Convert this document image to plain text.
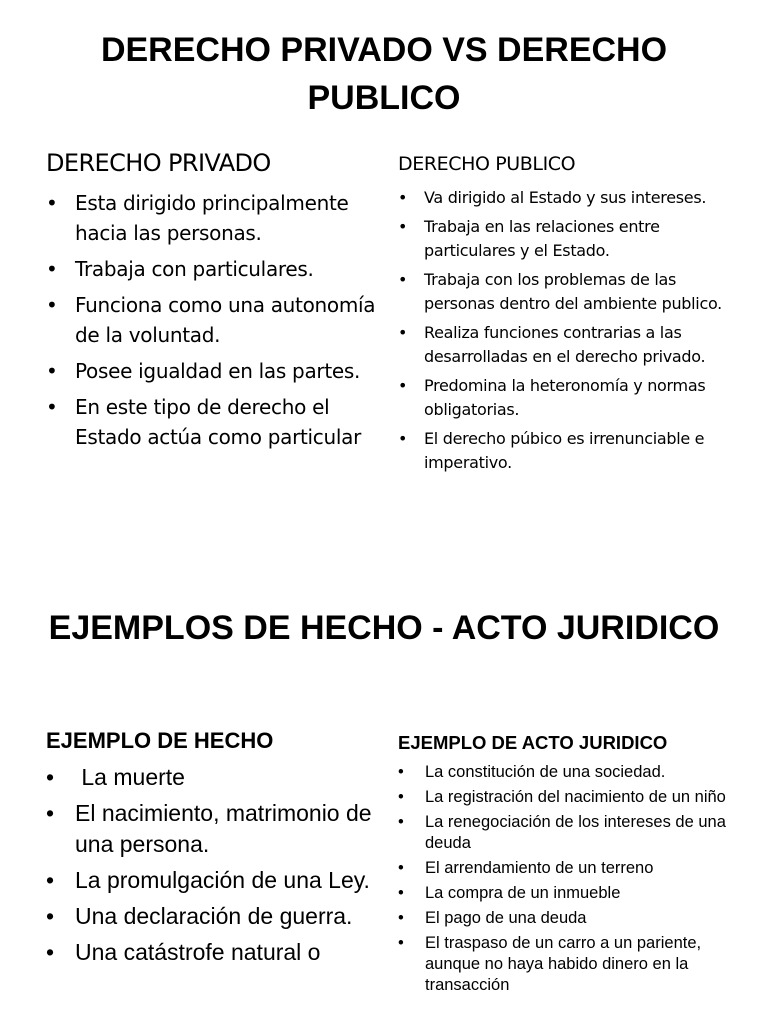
DERECHO PRIVADO VS DERECHO PUBLICO
DERECHO PRIVADO
• Esta dirigido principalmente hacia las personas.
• Trabaja con particulares.
• Funciona como una autonomía de la voluntad.
• Posee igualdad en las partes.
• En este tipo de derecho el Estado actúa como particular
DERECHO PUBLICO
• Va dirigido al Estado y sus intereses.
• Trabaja en las relaciones entre particulares y el Estado.
• Trabaja con los problemas de las personas dentro del ambiente publico.
• Realiza funciones contrarias a las desarrolladas en el derecho privado.
• Predomina la heteronomía y normas obligatorias.
• El derecho púbico es irrenunciable e imperativo.
EJEMPLOS DE HECHO - ACTO JURIDICO
EJEMPLO DE HECHO
•  La muerte
• El nacimiento, matrimonio de una persona.
• La promulgación de una Ley.
• Una declaración de guerra.
• Una catástrofe natural o
EJEMPLO DE ACTO JURIDICO
• La constitución de una sociedad.
• La registración del nacimiento de un niño
• La renegociación de los intereses de una deuda
• El arrendamiento de un terreno
• La compra de un inmueble
• El pago de una deuda
• El traspaso de un carro a un pariente, aunque no haya habido dinero en la transacción
